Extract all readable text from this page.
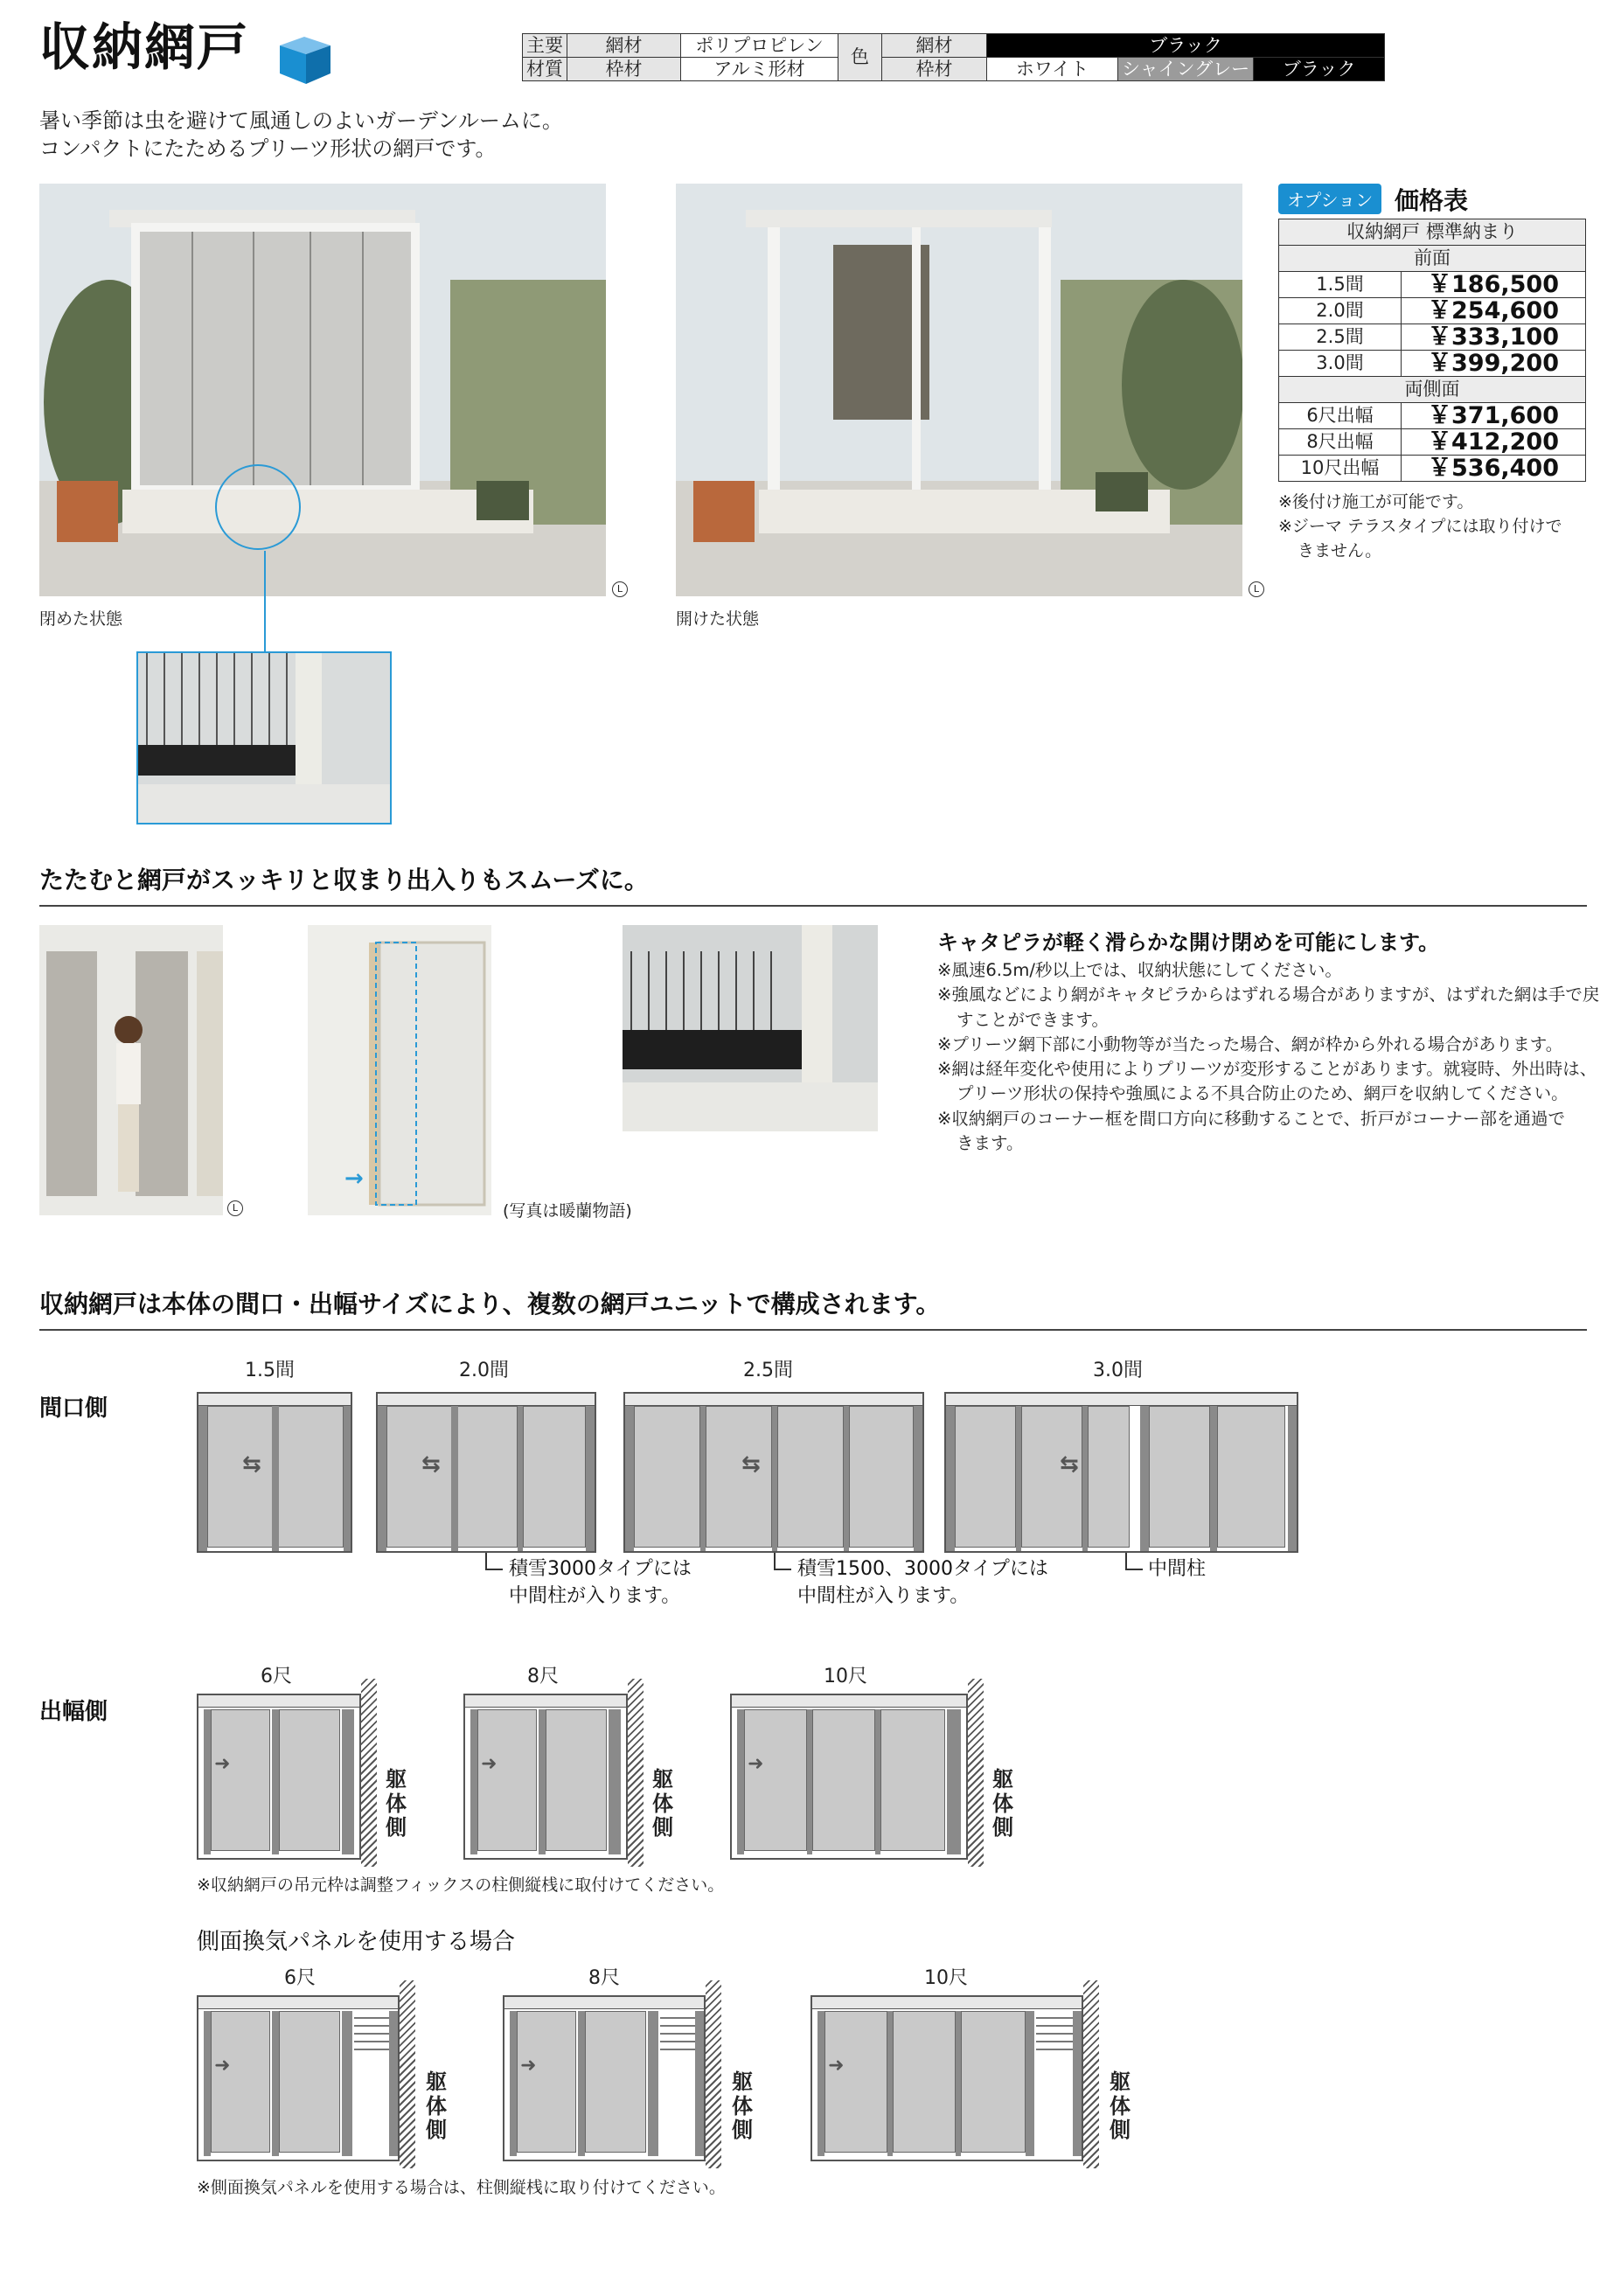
収納網戸	主要	網材	ポリプロピレン	色	網材	ブラック		
材質	枠材	アルミ形材		枠材	ホワイト	シャイングレー	ブラック
暑い季節は虫を避けて風通しのよいガーデンルームに。
コンパクトにたためるプリーツ形状の網戸です。
L
閉めた状態
L
開けた状態
オプション 価格表
収納網戸 標準納まり	
前面	
1.5間	￥186,500
2.0間	￥254,600
2.5間	￥333,100
3.0間	￥399,200
両側面	
6尺出幅	￥371,600
8尺出幅	￥412,200
10尺出幅	￥536,400
※後付け施工が可能です。
※ジーマ テラスタイプには取り付けで
きません。
たたむと網戸がスッキリと収まり出入りもスムーズに。
L
→
(写真は暖蘭物語)
キャタピラが軽く滑らかな開け閉めを可能にします。
※風速6.5m/秒以上では、収納状態にしてください。
※強風などにより網がキャタピラからはずれる場合がありますが、はずれた網は手で戻
すことができます。
※プリーツ網下部に小動物等が当たった場合、網が枠から外れる場合があります。
※網は経年変化や使用によりプリーツが変形することがあります。就寝時、外出時は、
プリーツ形状の保持や強風による不具合防止のため、網戸を収納してください。
※収納網戸のコーナー框を間口方向に移動することで、折戸がコーナー部を通過で
きます。
収納網戸は本体の間口・出幅サイズにより、複数の網戸ユニットで構成されます。
間口側
1.5間
⇆
2.0間
⇆
2.5間
⇆
3.0間
⇆
積雪3000タイプには
中間柱が入ります。
積雪1500、3000タイプには
中間柱が入ります。
中間柱
出幅側
6尺
➜
躯
体
側
8尺
➜
躯
体
側
10尺
➜
躯
体
側
※収納網戸の吊元枠は調整フィックスの柱側縦桟に取付けてください。
側面換気パネルを使用する場合
6尺
➜
躯
体
側
8尺
➜
躯
体
側
10尺
➜
躯
体
側
※側面換気パネルを使用する場合は、柱側縦桟に取り付けてください。
